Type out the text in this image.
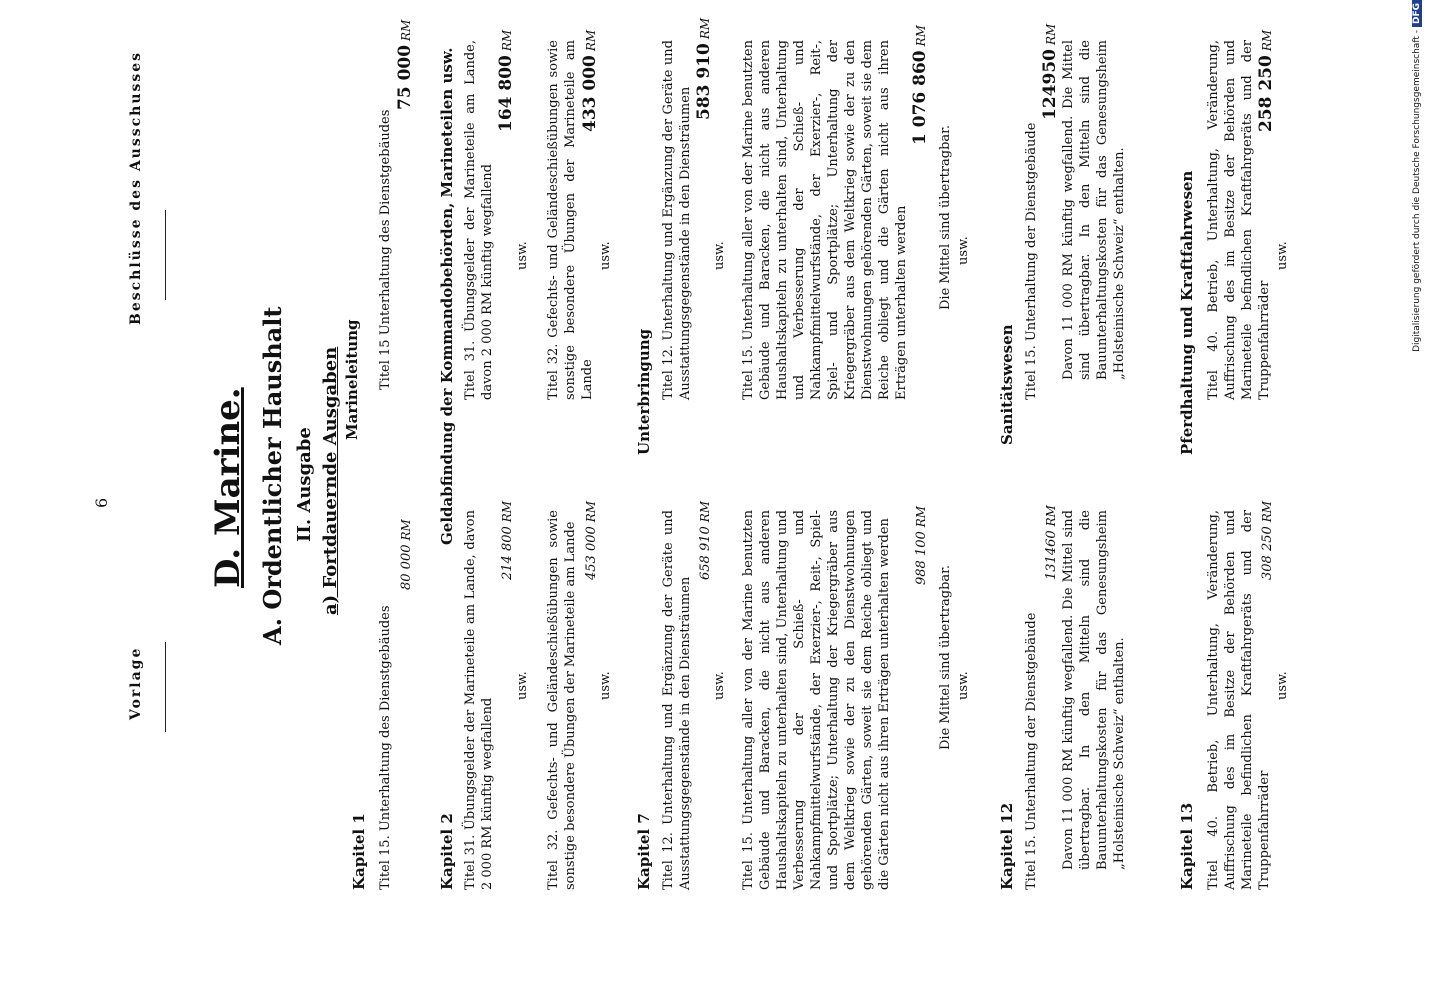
Vorlage
6
Beschlüsse des Ausschusses
D. Marine. A. Ordentlicher Haushalt II. Ausgabe a) Fortdauernde Ausgaben
Kapitel 1
Marineleitung
Titel 15. Unterhaltung des Dienstgebäudes
80 000RM
Titel 15 Unterhaltung des Dienstgebäudes
75 000RM
Kapitel 2
Geldabfindung der Kommandobehörden, Marineteilen usw.
Titel 31. Übungsgelder der Marineteile am Lande, davon 2 000 RM künftig wegfallend
214 800RM
usw.
Titel 31. Übungsgelder der Marineteile am Lande, davon 2 000 RM künftig wegfallend
164 800RM
usw.
Titel 32. Gefechts- und Geländeschießübungen sowie sonstige besondere Übungen der Marineteile am Lande 453 000RM
usw.
Titel 32. Gefechts- und Geländeschießübungen sowie sonstige besondere Übungen der Marineteile am Lande
433 000RM
usw.
Kapitel 7
Unterbringung
Titel 12. Unterhaltung und Ergänzung der Geräte und Ausstattungsgegenstände in den Diensträumen
658 910RM
usw.
Titel 12. Unterhaltung und Ergänzung der Geräte und Ausstattungsgegenstände in den Diensträumen
583 910RM
usw.
Titel 15. Unterhaltung aller von der Marine benutzten Gebäude und Baracken, die nicht aus anderen Haushaltskapiteln zu unterhalten sind, Unterhaltung und Verbesserung der Schieß- und Nahkampfmittelwurfstände, der Exerzier-, Reit-, Spiel- und Sportplätze; Unterhaltung der Kriegergräber aus dem Weltkrieg sowie der zu den Dienstwohnungen gehörenden Gärten, soweit sie dem Reiche obliegt und die Gärten nicht aus ihren Erträgen unterhalten werden	988 100RM
Die Mittel sind übertragbar. usw.
Titel 15. Unterhaltung aller von der Marine benutzten Gebäude und Baracken, die nicht aus anderen Haushaltskapiteln zu unterhalten sind, Unterhaltung und Verbesserung der Schieß- und Nahkampfmittelwurfstände, der Exerzier-, Reit-, Spiel- und Sportplätze; Unterhaltung der Kriegergräber aus dem Weltkrieg sowie der zu den Dienstwohnungen gehörenden Gärten, soweit sie dem Reiche obliegt und die Gärten nicht aus ihren Erträgen unterhalten werden
1 076 860RM
Die Mittel sind übertragbar. usw.
Kapitel 12
Sanitätswesen
Titel 15. Unterhaltung der Dienstgebäude
131460RM Davon 11 000 RM künftig wegfallend. Die Mittel sind übertragbar. In den Mitteln sind die Bauunterhaltungskosten für das Genesungsheim „Holsteinische Schweiz“ enthalten.
Titel 15. Unterhaltung der Dienstgebäude
124950RM
Davon 11 000 RM künftig wegfallend. Die Mittel sind übertragbar. In den Mitteln sind die Bauunterhaltungskosten für das Genesungsheim „Holsteinische Schweiz“ enthalten.
Kapitel 13
Pferdhaltung und Kraftfahrwesen
Titel 40. Betrieb, Unterhaltung, Veränderung, Auffrischung des im Besitze der Behörden und Marineteile befindlichen Kraftfahrgeräts und der Truppenfahrräder
308 250RM
usw.
Titel 40. Betrieb, Unterhaltung, Veränderung, Auffrischung des im Besitze der Behörden und Marineteile befindlichen Kraftfahrgeräts und der Truppenfahrräder
258 250RM
usw.	Digitalisierung gefördert durch die Deutsche Forschungsgemeinschaft -DFG
